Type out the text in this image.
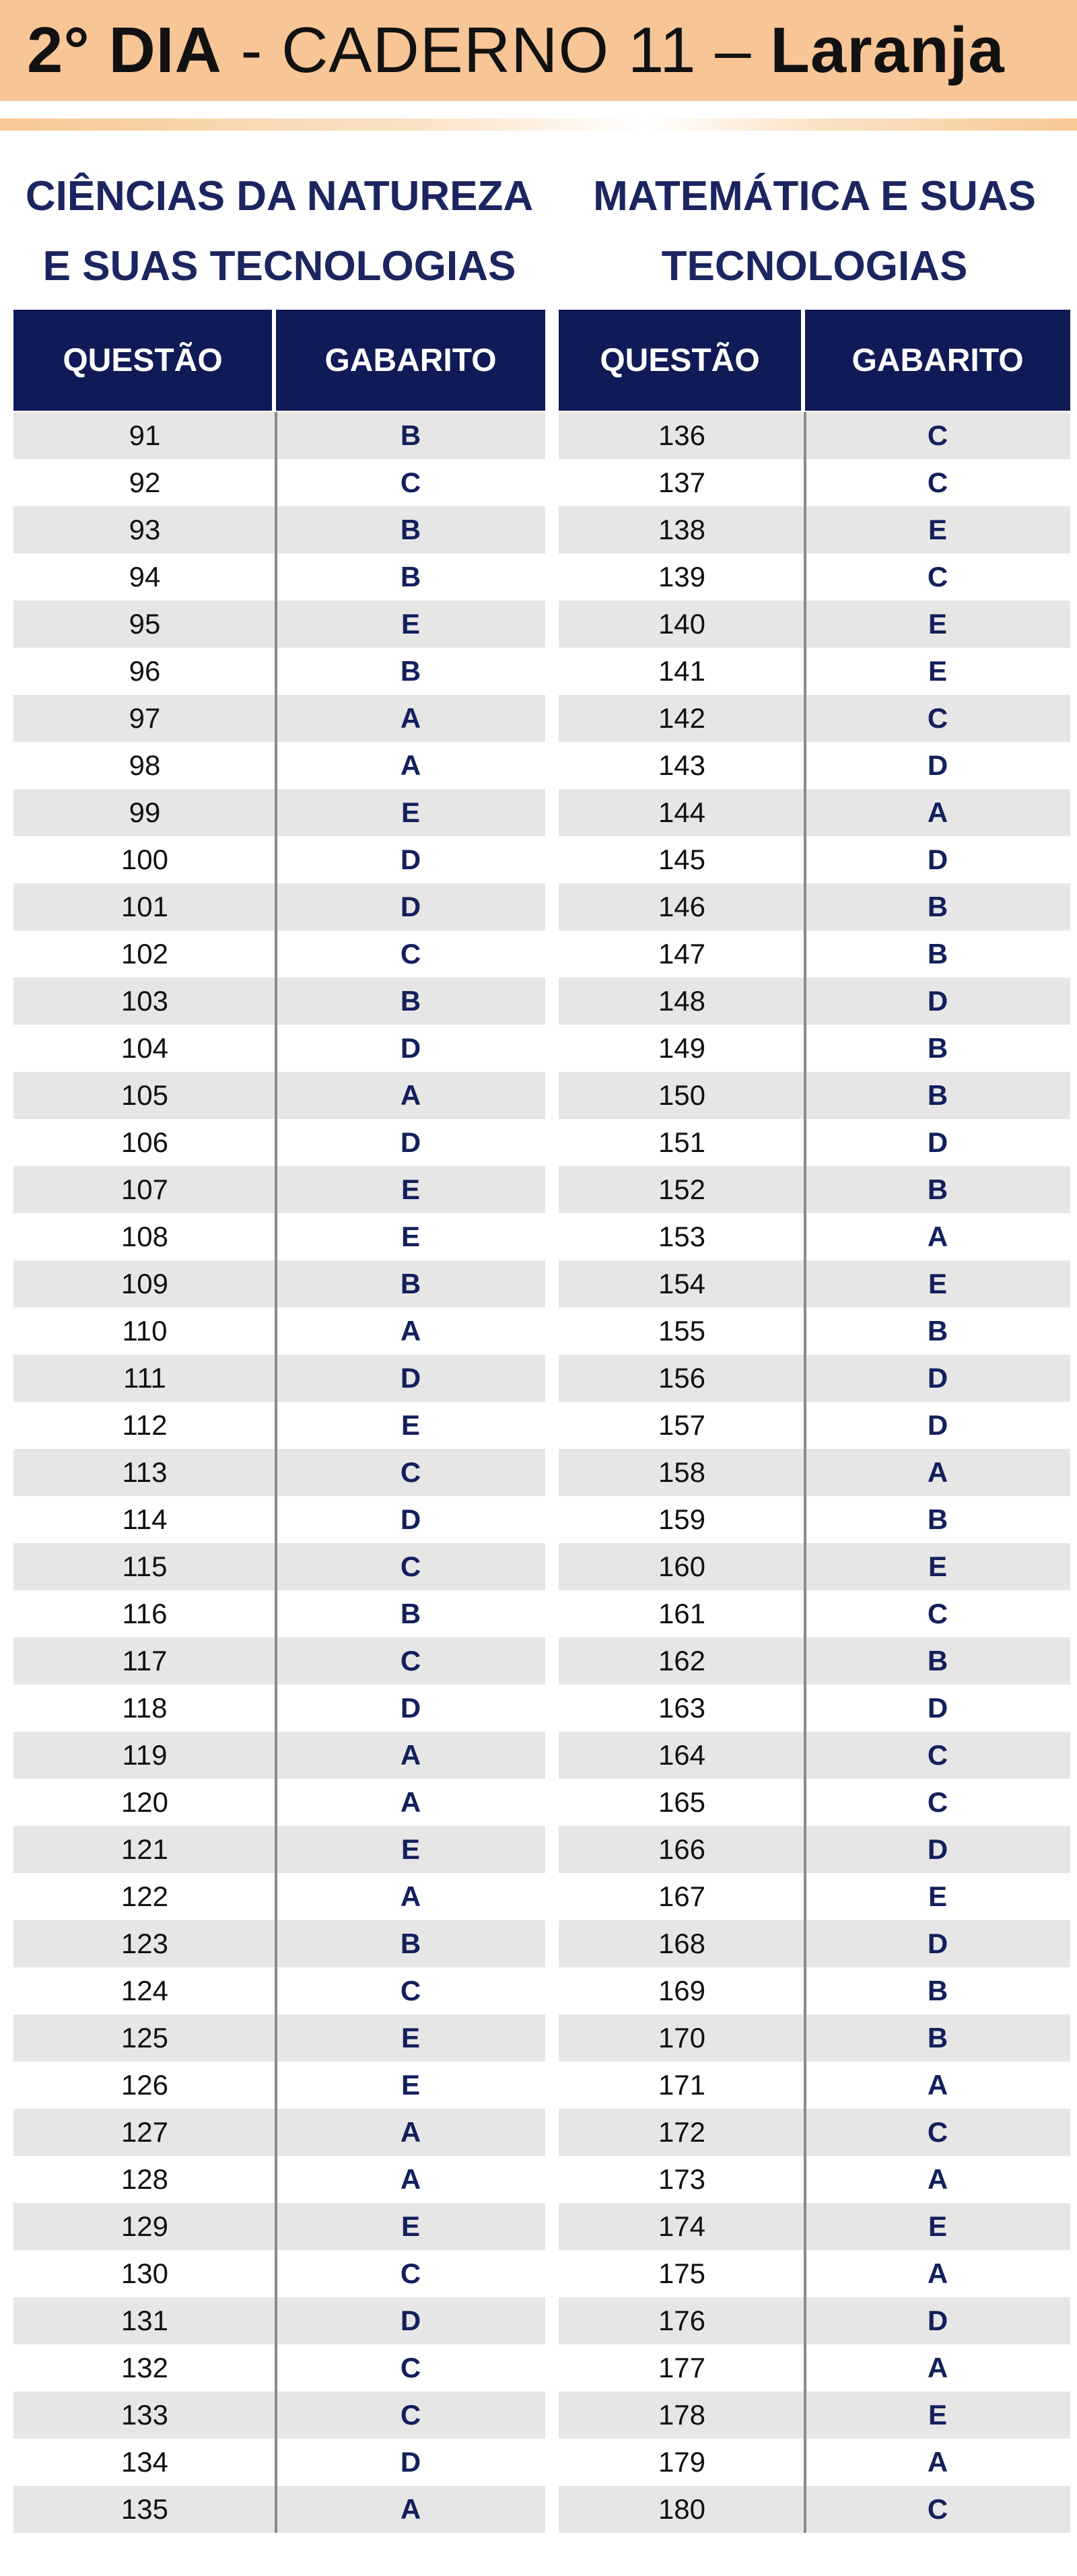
2° DIA - CADERNO 11 – Laranja
CIÊNCIAS DA NATUREZA
E SUAS TECNOLOGIAS
QUESTÃO	GABARITO
91	B
92	C
93	B
94	B
95	E
96	B
97	A
98	A
99	E
100	D
101	D
102	C
103	B
104	D
105	A
106	D
107	E
108	E
109	B
110	A
111	D
112	E
113	C
114	D
115	C
116	B
117	C
118	D
119	A
120	A
121	E
122	A
123	B
124	C
125	E
126	E
127	A
128	A
129	E
130	C
131	D
132	C
133	C
134	D
135	A
MATEMÁTICA E SUAS
TECNOLOGIAS
QUESTÃO	GABARITO
136	C
137	C
138	E
139	C
140	E
141	E
142	C
143	D
144	A
145	D
146	B
147	B
148	D
149	B
150	B
151	D
152	B
153	A
154	E
155	B
156	D
157	D
158	A
159	B
160	E
161	C
162	B
163	D
164	C
165	C
166	D
167	E
168	D
169	B
170	B
171	A
172	C
173	A
174	E
175	A
176	D
177	A
178	E
179	A
180	C
